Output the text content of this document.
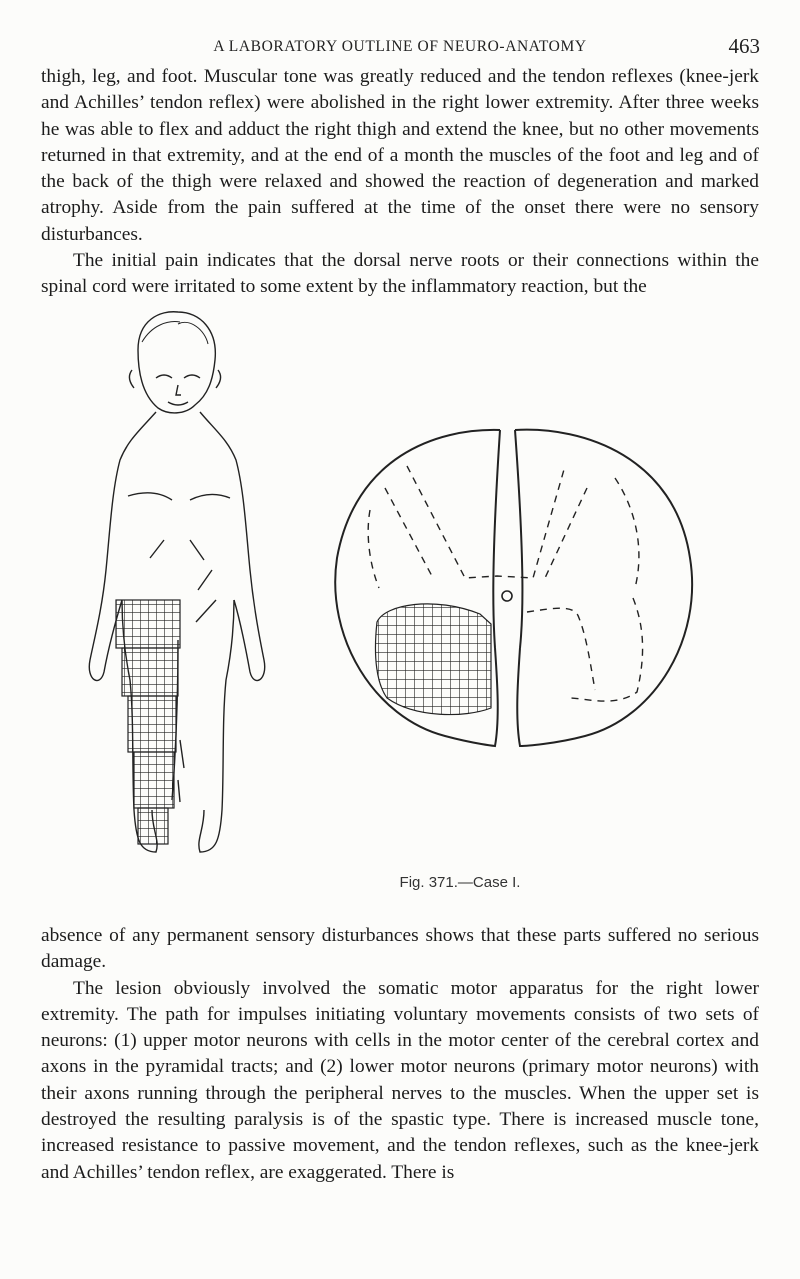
A LABORATORY OUTLINE OF NEURO-ANATOMY	463

thigh, leg, and foot. Muscular tone was greatly reduced and the tendon reflexes (knee-jerk and Achilles’ tendon reflex) were abolished in the right lower extremity. After three weeks he was able to flex and adduct the right thigh and extend the knee, but no other movements returned in that extremity, and at the end of a month the muscles of the foot and leg and of the back of the thigh were relaxed and showed the reaction of degeneration and marked atrophy. Aside from the pain suffered at the time of the onset there were no sensory disturbances.

The initial pain indicates that the dorsal nerve roots or their connections within the spinal cord were irritated to some extent by the inflammatory reaction, but the

Fig. 371.—Case I.

absence of any permanent sensory disturbances shows that these parts suffered no serious damage.

The lesion obviously involved the somatic motor apparatus for the right lower extremity. The path for impulses initiating voluntary movements consists of two sets of neurons: (1) upper motor neurons with cells in the motor center of the cerebral cortex and axons in the pyramidal tracts; and (2) lower motor neurons (primary motor neurons) with their axons running through the peripheral nerves to the muscles. When the upper set is destroyed the resulting paralysis is of the spastic type. There is increased muscle tone, increased resistance to passive movement, and the tendon reflexes, such as the knee-jerk and Achilles’ tendon reflex, are exaggerated. There is
